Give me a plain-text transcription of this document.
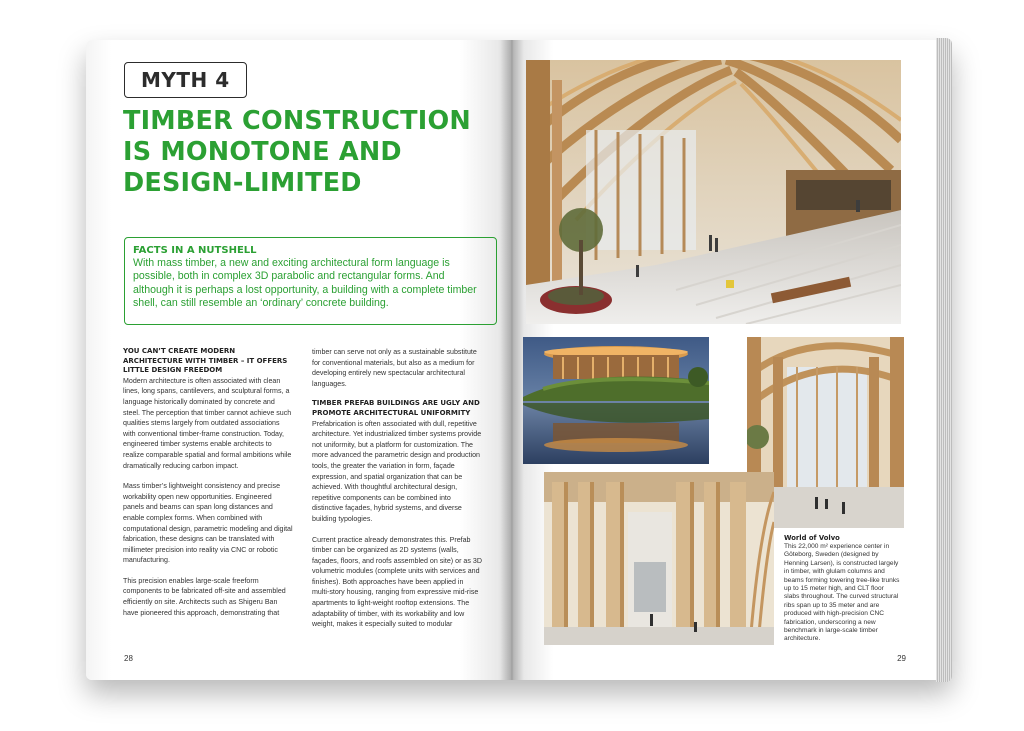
MYTH 4
TIMBER CONSTRUCTION
IS MONOTONE AND
DESIGN-LIMITED
FACTS IN A NUTSHELL

With mass timber, a new and exciting architectural form language is possible, both in complex 3D parabolic and rectangular forms. And although it is perhaps a lost opportunity, a building with a complete timber shell, can still resemble an ‘ordinary’ concrete building.

YOU CAN’T CREATE MODERN ARCHITECTURE WITH TIMBER – IT OFFERS LITTLE DESIGN FREEDOM

Modern architecture is often associated with clean lines, long spans, cantilevers, and sculptural forms, a language historically dominated by concrete and steel. The perception that timber cannot achieve such qualities stems largely from outdated associations with conventional timber-frame construction. Today, engineered timber systems enable architects to realize comparable spatial and formal ambitions while dramatically reducing carbon impact.

Mass timber’s lightweight consistency and precise workability open new opportunities. Engineered panels and beams can span long distances and enable complex forms. When combined with computational design, parametric modeling and digital fabrication, these designs can be translated with millimeter precision into reality via CNC or robotic manufacturing.

This precision enables large-scale freeform components to be fabricated off-site and assembled efficiently on site. Architects such as Shigeru Ban have pioneered this approach, demonstrating that

timber can serve not only as a sustainable substitute for conventional materials, but also as a medium for developing entirely new spectacular architectural languages.

TIMBER PREFAB BUILDINGS ARE UGLY AND PROMOTE ARCHITECTURAL UNIFORMITY

Prefabrication is often associated with dull, repetitive architecture. Yet industrialized timber systems provide not uniformity, but a platform for customization. The more advanced the parametric design and production tools, the greater the variation in form, façade expression, and spatial organization that can be achieved. With thoughtful architectural design, repetitive components can be combined into distinctive façades, hybrid systems, and diverse building typologies.

Current practice already demonstrates this. Prefab timber can be organized as 2D systems (walls, façades, floors, and roofs assembled on site) or as 3D volumetric modules (complete units with services and finishes). Both approaches have been applied in multi-story housing, ranging from expressive mid-rise apartments to light-weight rooftop extensions. The adaptability of timber, with its workability and low weight, makes it especially suited to modular

28
World of Volvo

This 22,000 m² experience center in Göteborg, Sweden (designed by Henning Larsen), is constructed largely in timber, with glulam columns and beams forming towering tree-like trunks up to 15 meter high, and CLT floor slabs throughout. The curved structural ribs span up to 35 meter and are produced with high-precision CNC fabrication, underscoring a new benchmark in large-scale timber architecture.

29
